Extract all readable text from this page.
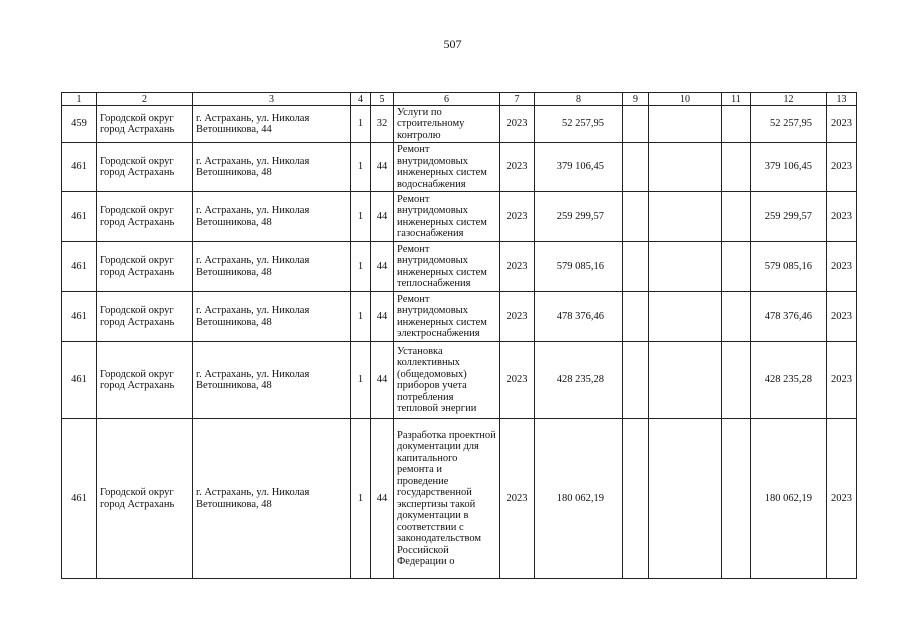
507
1	2	3	4	5	6	7	8	9	10	11	12	13
459	Городской округ город Астрахань	г. Астрахань, ул. Николая Ветошникова, 44	1	32	Услуги по строительному контролю	2023	52 257,95				52 257,95	2023
461	Городской округ город Астрахань	г. Астрахань, ул. Николая Ветошникова, 48	1	44	Ремонт внутридомовых инженерных систем водоснабжения	2023	379 106,45				379 106,45	2023
461	Городской округ город Астрахань	г. Астрахань, ул. Николая Ветошникова, 48	1	44	Ремонт внутридомовых инженерных систем газоснабжения	2023	259 299,57				259 299,57	2023
461	Городской округ город Астрахань	г. Астрахань, ул. Николая Ветошникова, 48	1	44	Ремонт внутридомовых инженерных систем теплоснабжения	2023	579 085,16				579 085,16	2023
461	Городской округ город Астрахань	г. Астрахань, ул. Николая Ветошникова, 48	1	44	Ремонт внутридомовых инженерных систем электроснабжения	2023	478 376,46				478 376,46	2023
461	Городской округ город Астрахань	г. Астрахань, ул. Николая Ветошникова, 48	1	44	Установка коллективных (общедомовых) приборов учета потребления тепловой энергии	2023	428 235,28				428 235,28	2023
461	Городской округ город Астрахань	г. Астрахань, ул. Николая Ветошникова, 48	1	44	Разработка проектной документации для капитального ремонта и проведение государственной экспертизы такой документации в соответствии с законодательством Российской Федерации о	2023	180 062,19				180 062,19	2023
